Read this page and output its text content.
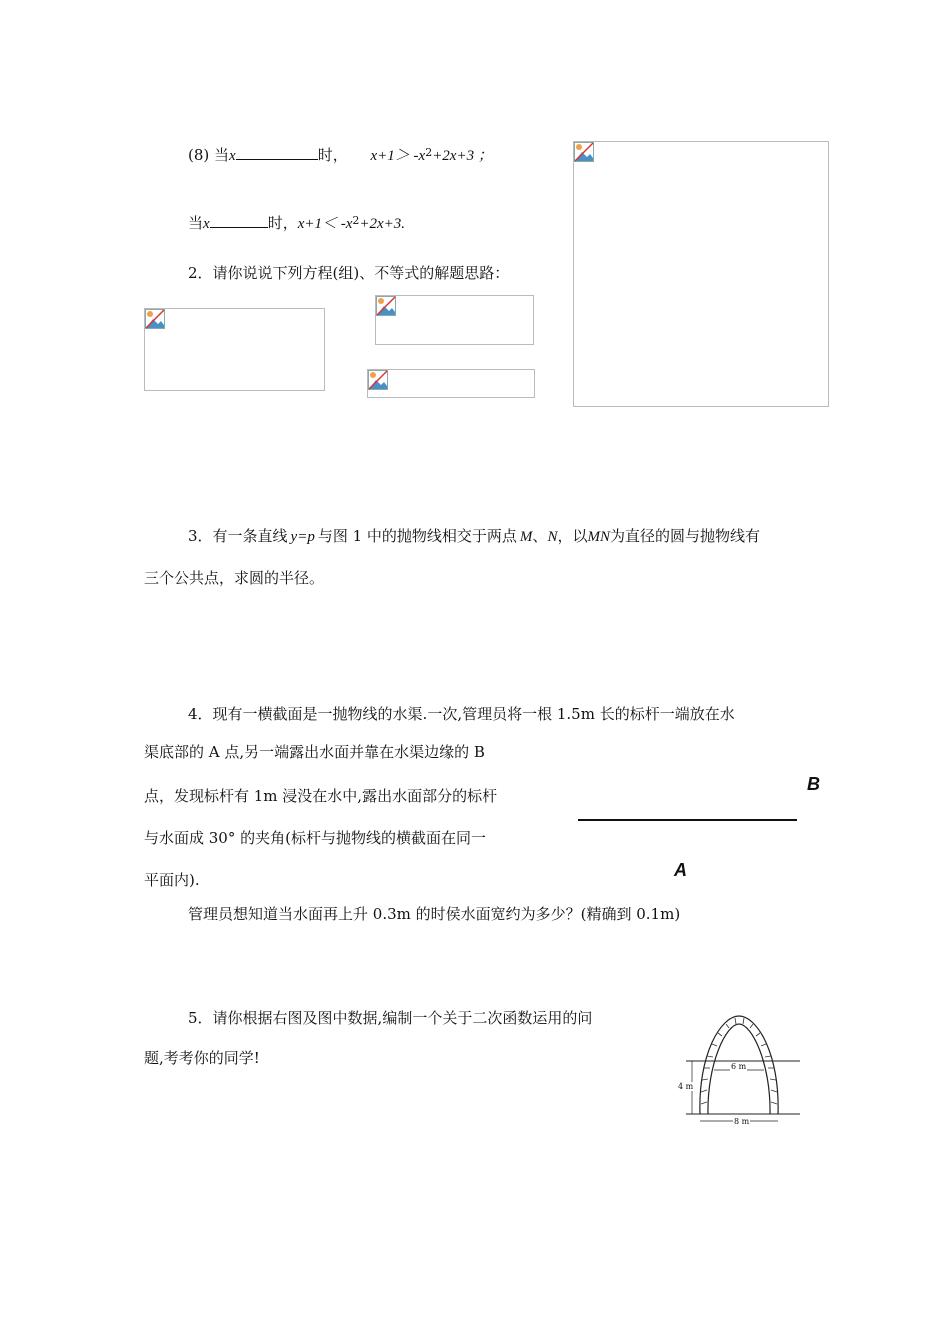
(8) 当x	时， $x+1> -x^2+2x+3$ ；
当x	时，$x+1< -x^2+2x+3$.
2．请你说说下列方程(组)、不等式的解题思路：
3．有一条直线 y=p 与图 1 中的抛物线相交于两点 M、N，以MN为直径的圆与抛物线有
三个公共点，求圆的半径。
4．现有一横截面是一抛物线的水渠.一次,管理员将一根 1.5m 长的标杆一端放在水
渠底部的 A 点,另一端露出水面并靠在水渠边缘的 B
点，发现标杆有 1m 浸没在水中,露出水面部分的标杆
与水面成 30° 的夹角(标杆与抛物线的横截面在同一
平面内).
管理员想知道当水面再上升 0.3m 的时侯水面宽约为多少？(精确到 0.1m)
B
A
5．请你根据右图及图中数据,编制一个关于二次函数运用的问
题,考考你的同学!	6 m
4 m
8 m
